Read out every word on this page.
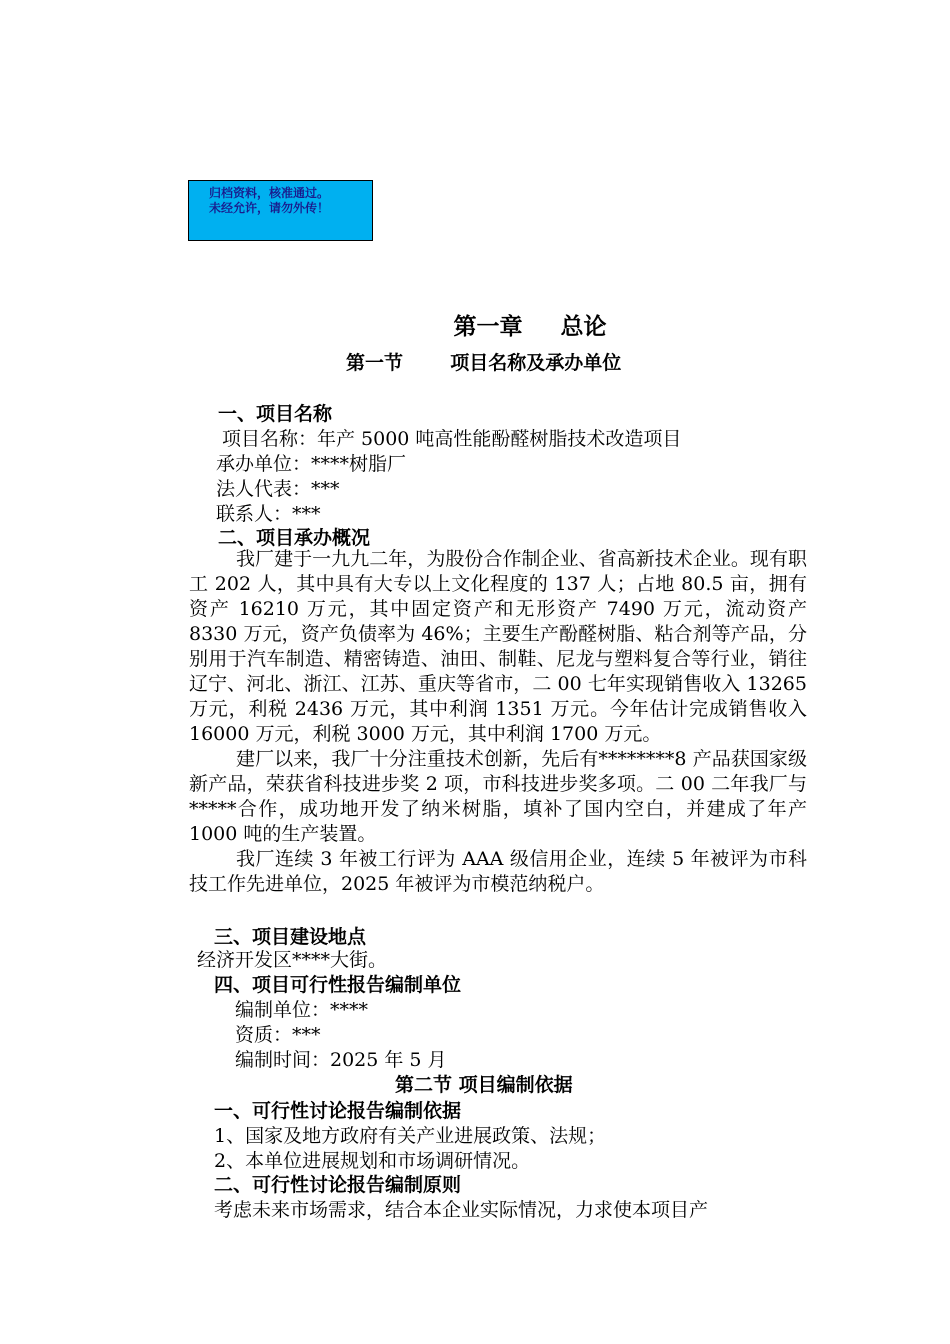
归档资料，核准通过。
未经允许，请勿外传！
第一章 总论
第一节 项目名称及承办单位
一、项目名称
项目名称：年产 5000 吨高性能酚醛树脂技术改造项目
承办单位：****树脂厂
法人代表：***
联系人：***
二、项目承办概况

我厂建于一九九二年，为股份合作制企业、省高新技术企业。现有职工 202 人，其中具有大专以上文化程度的 137 人；占地 80.5 亩，拥有资产 16210 万元，其中固定资产和无形资产 7490 万元，流动资产 8330 万元，资产负债率为 46%；主要生产酚醛树脂、粘合剂等产品，分别用于汽车制造、精密铸造、油田、制鞋、尼龙与塑料复合等行业，销往辽宁、河北、浙江、江苏、重庆等省市，二 00 七年实现销售收入 13265 万元，利税 2436 万元，其中利润 1351 万元。今年估计完成销售收入 16000 万元，利税 3000 万元，其中利润 1700 万元。

建厂以来，我厂十分注重技术创新，先后有********8 产品获国家级新产品，荣获省科技进步奖 2 项，市科技进步奖多项。二 00 二年我厂与*****合作，成功地开发了纳米树脂，填补了国内空白，并建成了年产 1000 吨的生产装置。

我厂连续 3 年被工行评为 AAA 级信用企业，连续 5 年被评为市科技工作先进单位，2025 年被评为市模范纳税户。

三、项目建设地点
经济开发区****大街。
四、项目可行性报告编制单位
编制单位：****
资质：***
编制时间：2025 年 5 月
第二节 项目编制依据
一、可行性讨论报告编制依据
1、国家及地方政府有关产业进展政策、法规；
2、本单位进展规划和市场调研情况。
二、可行性讨论报告编制原则
考虑未来市场需求，结合本企业实际情况，力求使本项目产
